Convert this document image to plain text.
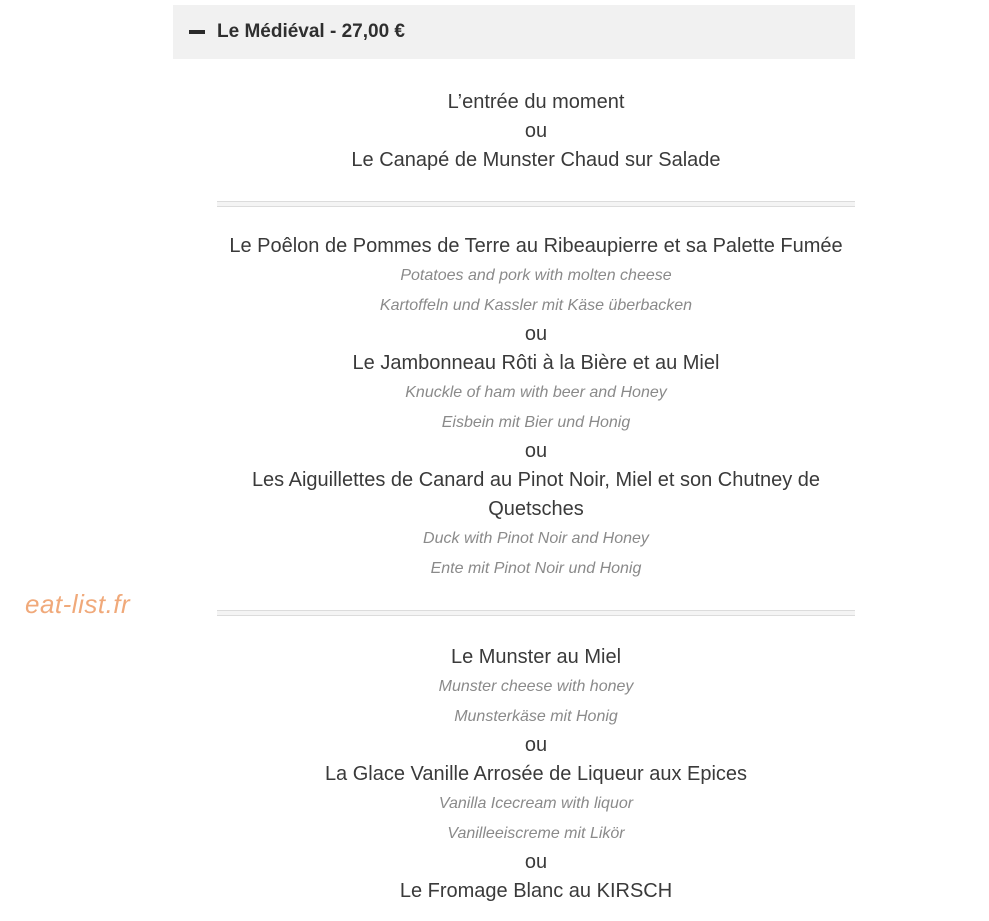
Le Médiéval - 27,00 €
L’entrée du moment
ou
Le Canapé de Munster Chaud sur Salade
Le Poêlon de Pommes de Terre au Ribeaupierre et sa Palette Fumée
Potatoes and pork with molten cheese
Kartoffeln und Kassler mit Käse überbacken
ou
Le Jambonneau Rôti à la Bière et au Miel
Knuckle of ham with beer and Honey
Eisbein mit Bier und Honig
ou
Les Aiguillettes de Canard au Pinot Noir, Miel et son Chutney de Quetsches
Duck with Pinot Noir and Honey
Ente mit Pinot Noir und Honig
Le Munster au Miel
Munster cheese with honey
Munsterkäse mit Honig
ou
La Glace Vanille Arrosée de Liqueur aux Epices
Vanilla Icecream with liquor
Vanilleeiscreme mit Likör
ou
Le Fromage Blanc au KIRSCH
eat-list.fr
